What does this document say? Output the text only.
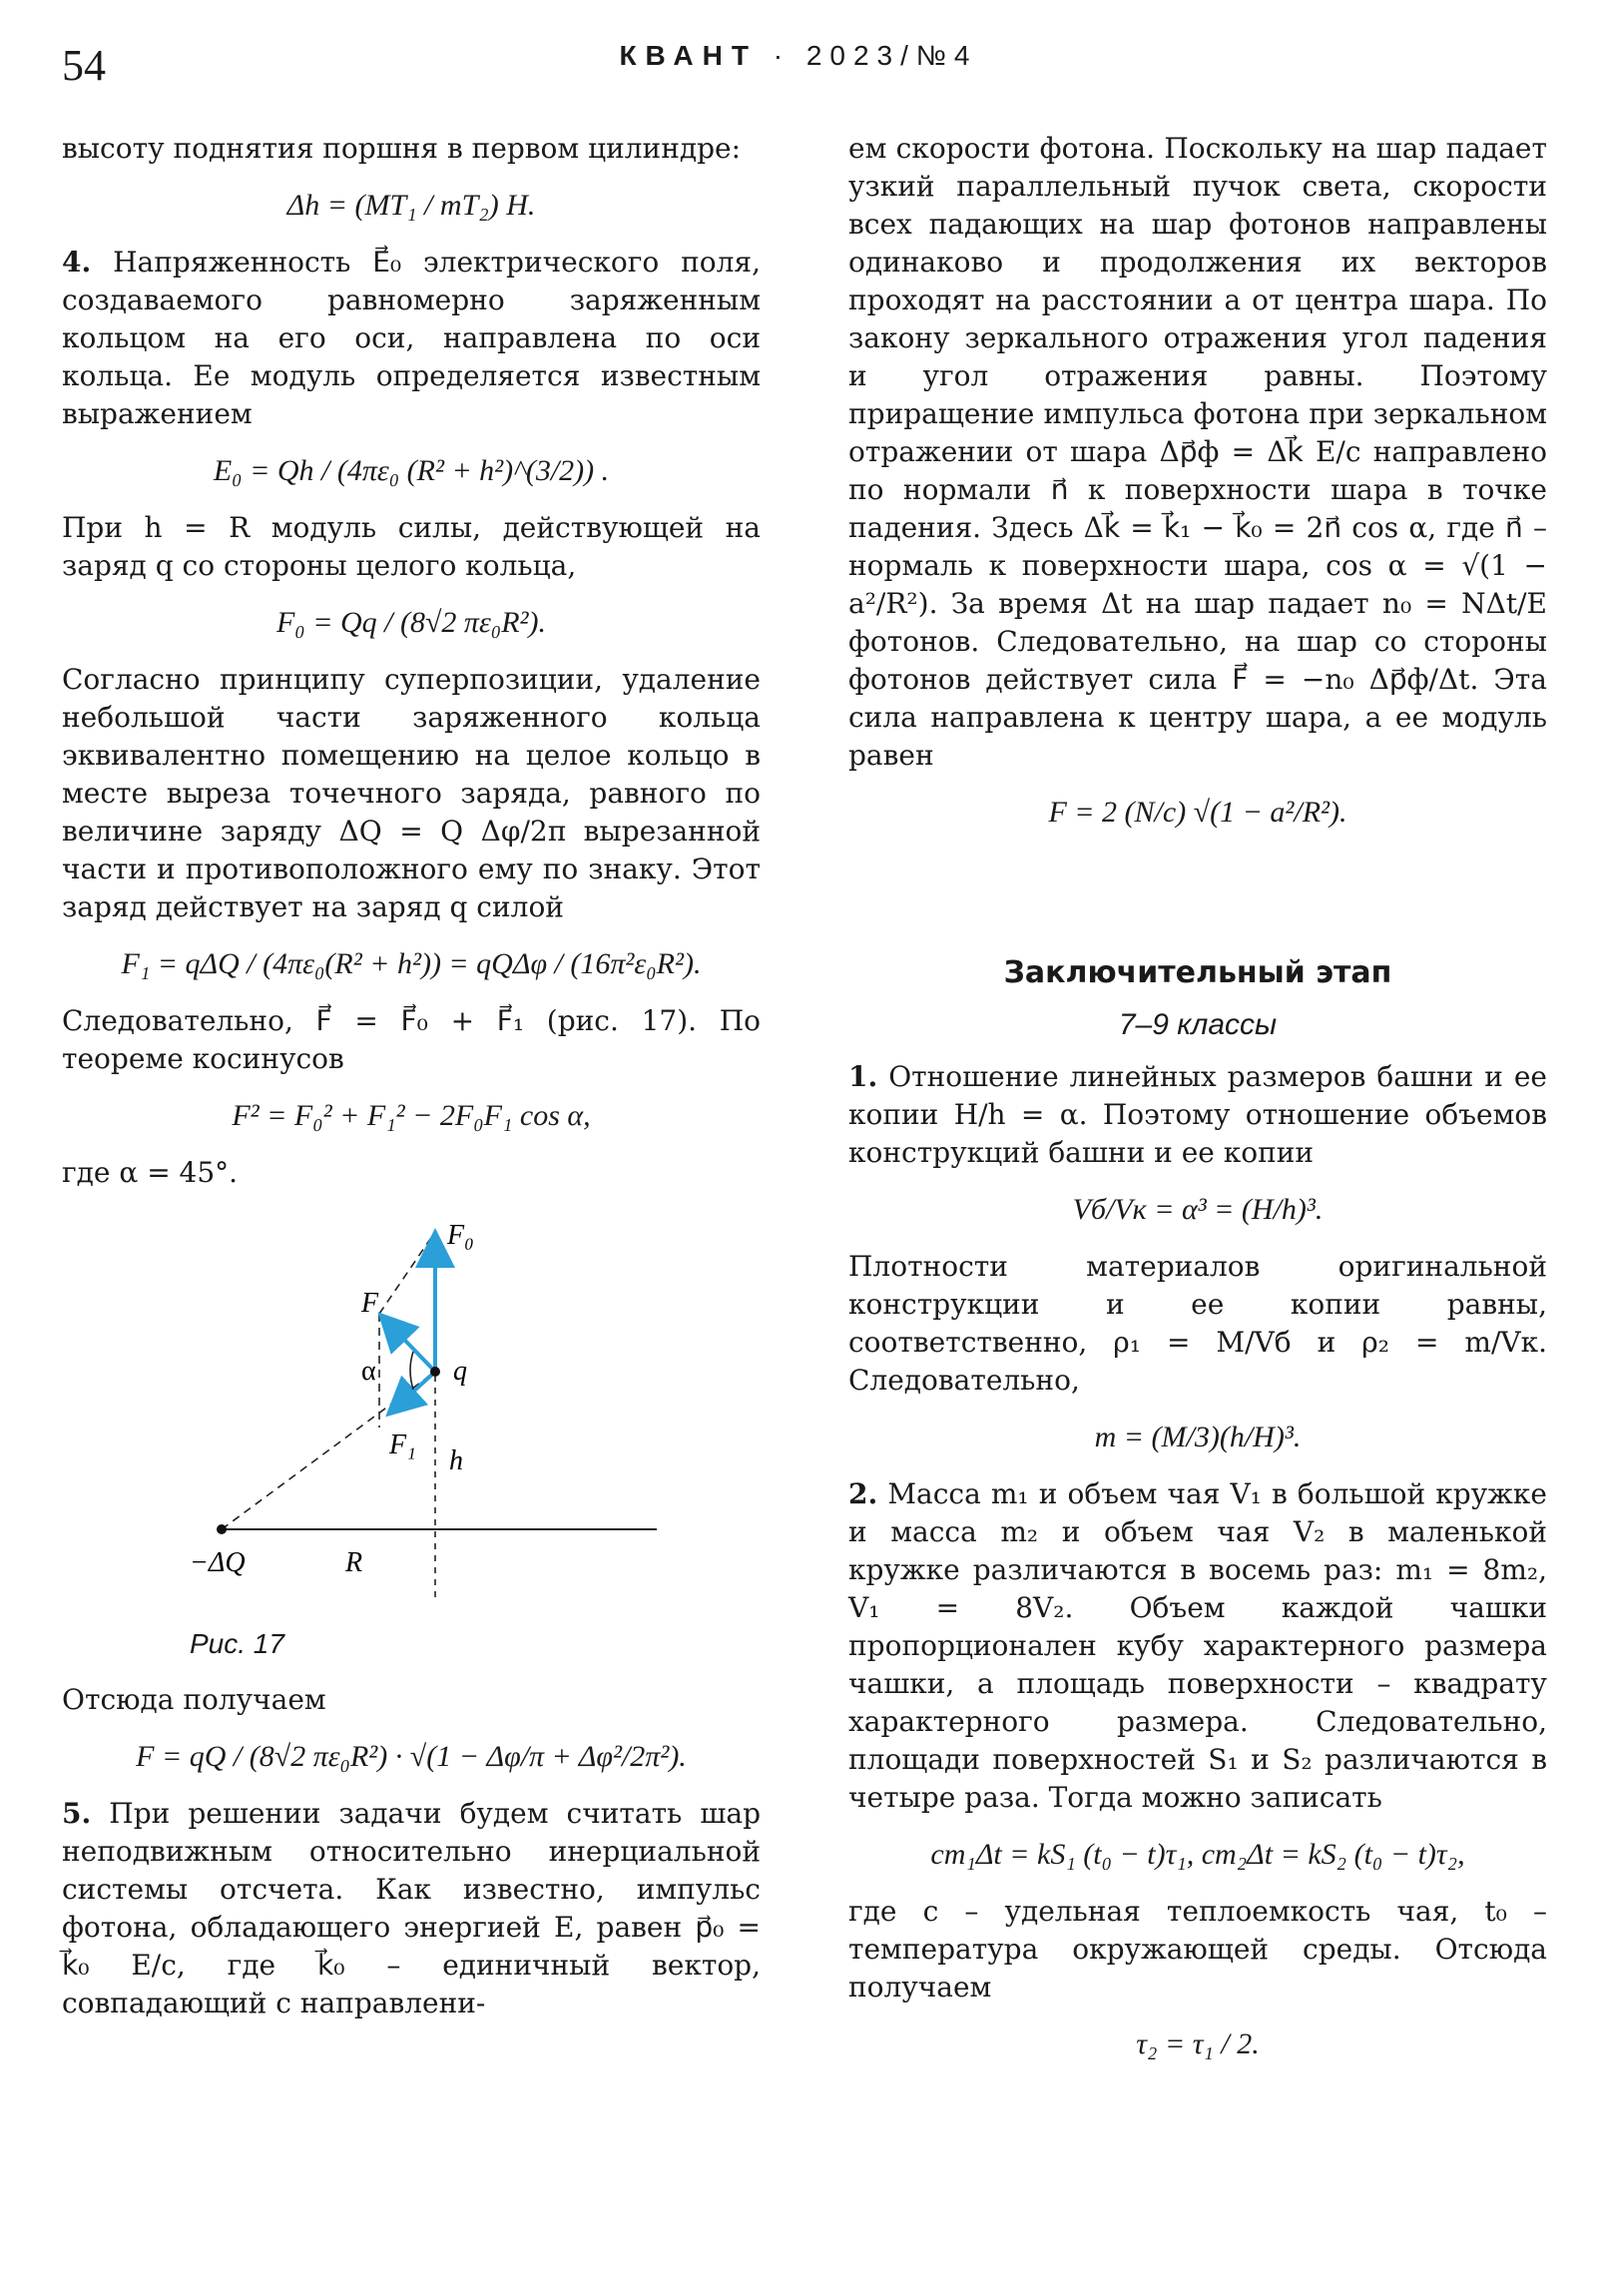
54	КВАНТ · 2023/№4

высоту поднятия поршня в первом цилиндре:

Δh = (MT₁ / mT₂) H.

4. Напряженность E⃗₀ электрического поля, создаваемого равномерно заряженным кольцом на его оси, направлена по оси кольца. Ее модуль определяется известным выражением

E₀ = Qh / (4πε₀ (R² + h²)^(3/2)) .

При h = R модуль силы, действующей на заряд q со стороны целого кольца,

F₀ = Qq / (8√2 πε₀R²).

Согласно принципу суперпозиции, удаление небольшой части заряженного кольца эквивалентно помещению на целое кольцо в месте выреза точечного заряда, равного по величине заряду ΔQ = Q Δφ/2π вырезанной части и противоположного ему по знаку. Этот заряд действует на заряд q силой

F₁ = qΔQ / (4πε₀(R² + h²)) = qQΔφ / (16π²ε₀R²).

Следовательно, F⃗ = F⃗₀ + F⃗₁ (рис. 17). По теореме косинусов

F² = F₀² + F₁² − 2F₀F₁ cos α,

где α = 45°.

F₀
F
α	q
F₁
h
−ΔQ	R
Рис. 17

Отсюда получаем

F = qQ / (8√2 πε₀R²) · √(1 − Δφ/π + Δφ²/2π²).

5. При решении задачи будем считать шар неподвижным относительно инерциальной системы отсчета. Как известно, импульс фотона, обладающего энергией E, равен p⃗₀ = k⃗₀ E/c, где k⃗₀ – единичный вектор, совпадающий с направлени-

ем скорости фотона. Поскольку на шар падает узкий параллельный пучок света, скорости всех падающих на шар фотонов направлены одинаково и продолжения их векторов проходят на расстоянии a от центра шара. По закону зеркального отражения угол падения и угол отражения равны. Поэтому приращение импульса фотона при зеркальном отражении от шара Δp⃗ф = Δk⃗ E/c направлено по нормали n⃗ к поверхности шара в точке падения. Здесь Δk⃗ = k⃗₁ − k⃗₀ = 2n⃗ cos α, где n⃗ – нормаль к поверхности шара, cos α = √(1 − a²/R²). За время Δt на шар падает n₀ = NΔt/E фотонов. Следовательно, на шар со стороны фотонов действует сила F⃗ = −n₀ Δp⃗ф/Δt. Эта сила направлена к центру шара, а ее модуль равен

F = 2 (N/c) √(1 − a²/R²).
Заключительный этап
7–9 классы

1. Отношение линейных размеров башни и ее копии H/h = α. Поэтому отношение объемов конструкций башни и ее копии

Vб/Vк = α³ = (H/h)³.

Плотности материалов оригинальной конструкции и ее копии равны, соответственно, ρ₁ = M/Vб и ρ₂ = m/Vк. Следовательно,

m = (M/3)(h/H)³.

2. Масса m₁ и объем чая V₁ в большой кружке и масса m₂ и объем чая V₂ в маленькой кружке различаются в восемь раз: m₁ = 8m₂, V₁ = 8V₂. Объем каждой чашки пропорционален кубу характерного размера чашки, а площадь поверхности – квадрату характерного размера. Следовательно, площади поверхностей S₁ и S₂ различаются в четыре раза. Тогда можно записать

cm₁Δt = kS₁ (t₀ − t)τ₁, cm₂Δt = kS₂ (t₀ − t)τ₂,

где c – удельная теплоемкость чая, t₀ – температура окружающей среды. Отсюда получаем

τ₂ = τ₁ / 2.
